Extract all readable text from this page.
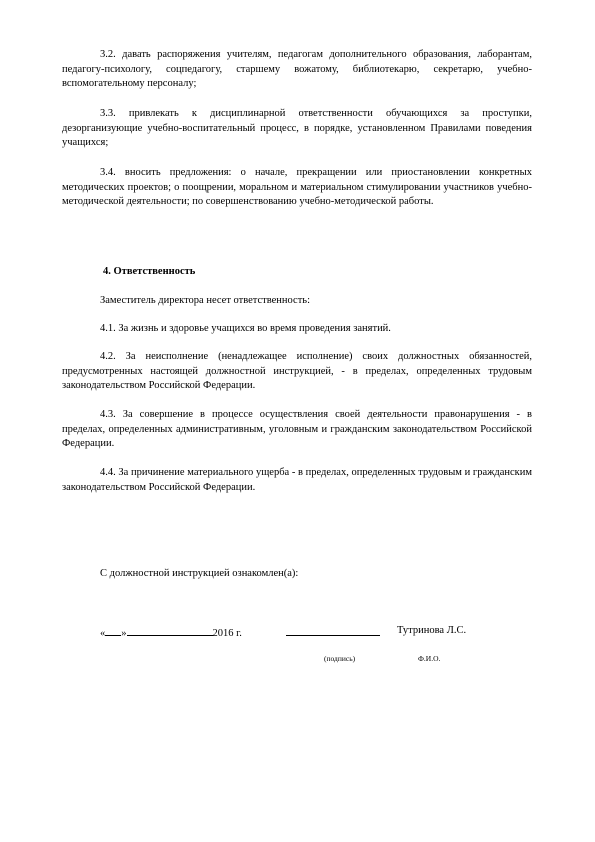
3.2. давать распоряжения учителям, педагогам дополнительного образования, лаборантам, педагогу-психологу, соцпедагогу, старшему вожатому, библиотекарю, секретарю, учебно-вспомогательному персоналу;

3.3. привлекать к дисциплинарной ответственности обучающихся за проступки, дезорганизующие учебно-воспитательный процесс, в порядке, установленном Правилами поведения учащихся;

3.4. вносить предложения: о начале, прекращении или приостановлении конкретных методических проектов; о поощрении, моральном и материальном стимулировании участников учебно-методической деятельности; по совершенствованию учебно-методической работы.

4. Ответственность

Заместитель директора несет ответственность:

4.1. За жизнь и здоровье учащихся во время проведения занятий.

4.2. За неисполнение (ненадлежащее исполнение) своих должностных обязанностей, предусмотренных настоящей должностной инструкцией, - в пределах, определенных трудовым законодательством Российской Федерации.

4.3. За совершение в процессе осуществления своей деятельности правонарушения - в пределах, определенных административным, уголовным и гражданским законодательством Российской Федерации.

4.4. За причинение материального ущерба - в пределах, определенных трудовым и гражданским законодательством Российской Федерации.

С должностной инструкцией ознакомлен(а):

« »	2016 г.	Тутринова Л.С.
(подпись)	Ф.И.О.
